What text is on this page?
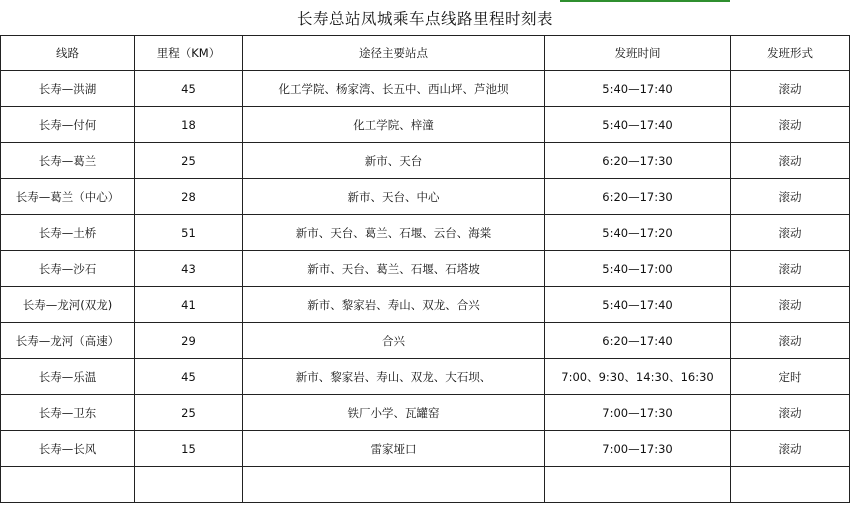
长寿总站凤城乘车点线路里程时刻表
线路	里程（KM）	途径主要站点	发班时间	发班形式
长寿—洪湖	45	化工学院、杨家湾、长五中、西山坪、芦池坝	5:40—17:40	滚动
长寿—付何	18	化工学院、梓潼	5:40—17:40	滚动
长寿—葛兰	25	新市、天台	6:20—17:30	滚动
长寿—葛兰（中心）	28	新市、天台、中心	6:20—17:30	滚动
长寿—土桥	51	新市、天台、葛兰、石堰、云台、海棠	5:40—17:20	滚动
长寿—沙石	43	新市、天台、葛兰、石堰、石塔坡	5:40—17:00	滚动
长寿—龙河(双龙)	41	新市、黎家岩、寿山、双龙、合兴	5:40—17:40	滚动
长寿—龙河（高速）	29	合兴	6:20—17:40	滚动
长寿—乐温	45	新市、黎家岩、寿山、双龙、大石坝、	7:00、9:30、14:30、16:30	定时
长寿—卫东	25	铁厂小学、瓦罐窑	7:00—17:30	滚动
长寿—长风	15	雷家垭口	7:00—17:30	滚动
